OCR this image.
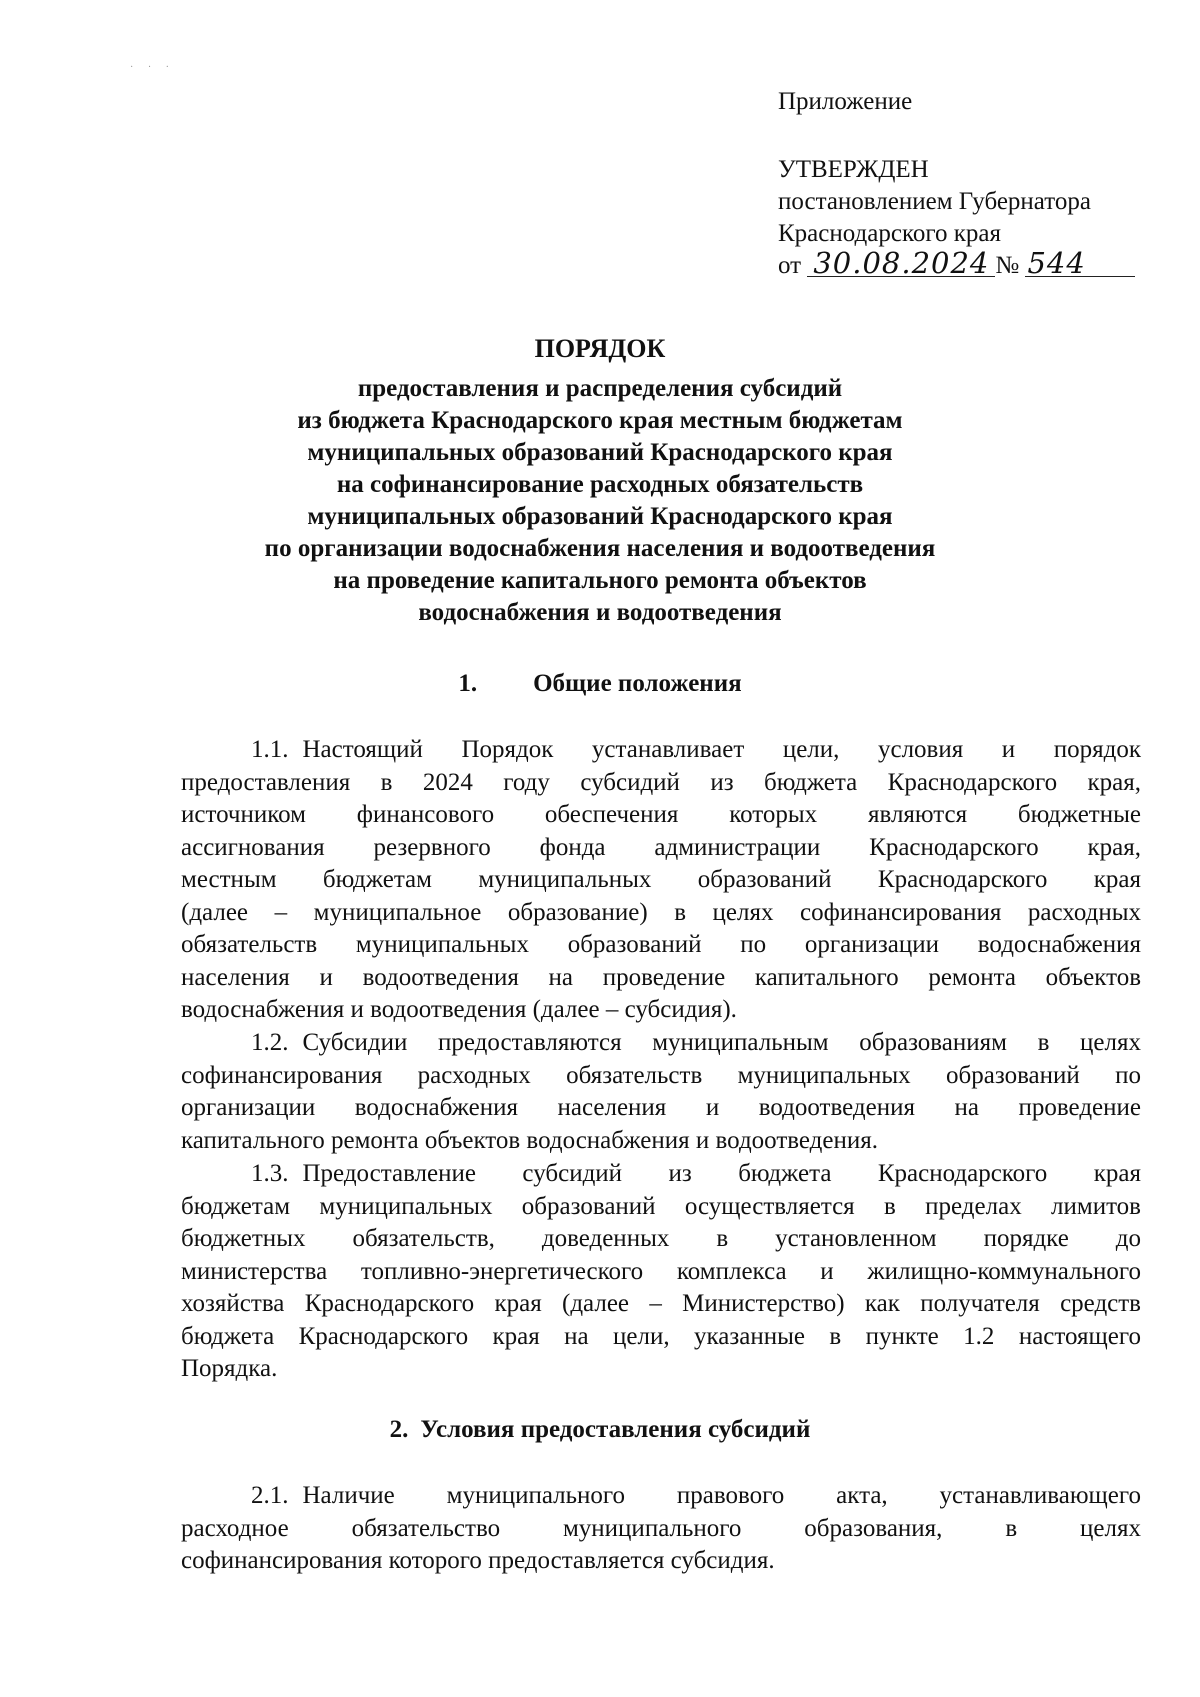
· · ·
Приложение
УТВЕРЖДЕН
постановлением Губернатора
Краснодарского края
от 30.08.2024 № 544
ПОРЯДОК
предоставления и распределения субсидий
из бюджета Краснодарского края местным бюджетам
муниципальных образований Краснодарского края
на софинансирование расходных обязательств
муниципальных образований Краснодарского края
по организации водоснабжения населения и водоотведения
на проведение капитального ремонта объектов
водоснабжения и водоотведения
1. Общие положения
1.1. Настоящий Порядок устанавливает цели, условия и порядок
предоставления в 2024 году субсидий из бюджета Краснодарского края,
источником финансового обеспечения которых являются бюджетные
ассигнования резервного фонда администрации Краснодарского края,
местным бюджетам муниципальных образований Краснодарского края
(далее – муниципальное образование) в целях софинансирования расходных
обязательств муниципальных образований по организации водоснабжения
населения и водоотведения на проведение капитального ремонта объектов
водоснабжения и водоотведения (далее – субсидия).
1.2. Субсидии предоставляются муниципальным образованиям в целях
софинансирования расходных обязательств муниципальных образований по
организации водоснабжения населения и водоотведения на проведение
капитального ремонта объектов водоснабжения и водоотведения.
1.3. Предоставление субсидий из бюджета Краснодарского края
бюджетам муниципальных образований осуществляется в пределах лимитов
бюджетных обязательств, доведенных в установленном порядке до
министерства топливно-энергетического комплекса и жилищно-коммунального
хозяйства Краснодарского края (далее – Министерство) как получателя средств
бюджета Краснодарского края на цели, указанные в пункте 1.2 настоящего
Порядка.
2. Условия предоставления субсидий
2.1. Наличие муниципального правового акта, устанавливающего
расходное обязательство муниципального образования, в целях
софинансирования которого предоставляется субсидия.
